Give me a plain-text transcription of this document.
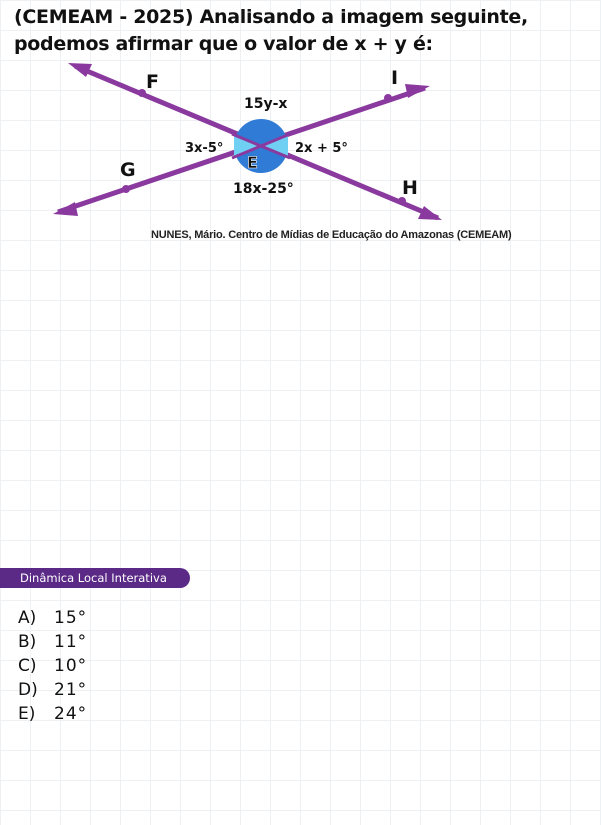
(CEMEAM - 2025) Analisando a imagem seguinte, podemos afirmar que o valor de x + y é:
F	I
G
H
E
15y-x
3x-5°	2x + 5°
18x-25°
NUNES, Mário. Centro de Mídias de Educação do Amazonas (CEMEAM)
Dinâmica Local Interativa
A) 15°
B) 11°
C) 10°
D) 21°
E) 24°
